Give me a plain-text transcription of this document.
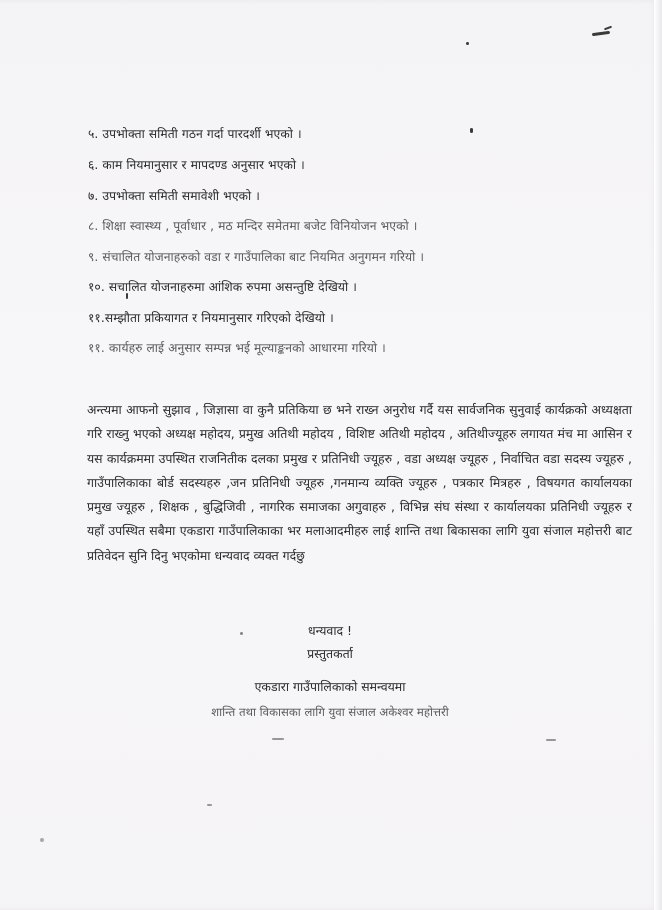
५. उपभोक्ता समिती गठन गर्दा पारदर्शी भएको ।
६. काम नियमानुसार र मापदण्ड अनुसार भएको ।
७. उपभोक्ता समिती समावेशी भएको ।
८. शिक्षा स्वास्थ्य , पूर्वाधार , मठ मन्दिर समेतमा बजेट विनियोजन भएको ।
९. संचालित योजनाहरुको वडा र गाउँपालिका बाट नियमित अनुगमन गरियो ।
१०. सचालित योजनाहरुमा आंशिक रुपमा असन्तुष्टि देखियो ।
११.सम्झौता प्रकियागत र नियमानुसार गरिएको देखियो ।
११. कार्यहरु लाई अनुसार सम्पन्न भई मूल्याङ्कनको आधारमा गरियो ।
अन्त्यमा आफनो सुझाव , जिज्ञासा वा कुनै प्रतिकिया छ भने राख्‍न अनुरोध गर्दै यस सार्वजनिक सुनुवाई कार्यक्रको अध्यक्षता गरि राख्नु भएको अध्यक्ष महोदय, प्रमुख अतिथी महोदय , विशिष्ट अतिथी महोदय , अतिथीज्यूहरु लगायत मंच मा आसिन र यस कार्यक्रममा उपस्थित राजनितीक दलका प्रमुख र प्रतिनिधी ज्यूहरु , वडा अध्यक्ष ज्यूहरु , निर्वाचित वडा सदस्य ज्यूहरु , गाउँपालिकाका बोर्ड सदस्यहरु ,जन प्रतिनिधी ज्यूहरु ,गनमान्य व्यक्ति ज्यूहरु , पत्रकार मित्रहरु , विषयगत कार्यालयका प्रमुख ज्यूहरु , शिक्षक , बुद्धिजिवी , नागरिक समाजका अगुवाहरु , विभिन्न संघ संस्था र कार्यालयका प्रतिनिधी ज्यूहरु र यहाँ उपस्थित सबैमा एकडारा गाउँपालिकाका भर मलाआदमीहरु लाई शान्ति तथा बिकासका लागि युवा संजाल महोत्तरी बाट प्रतिवेदन सुनि दिनु भएकोमा धन्यवाद व्यक्त गर्दछु
धन्यवाद !
प्रस्तुतकर्ता
एकडारा गाउँपालिकाको समन्वयमा
शान्ति तथा विकासका लागि युवा संजाल अकेश्वर महोत्तरी
